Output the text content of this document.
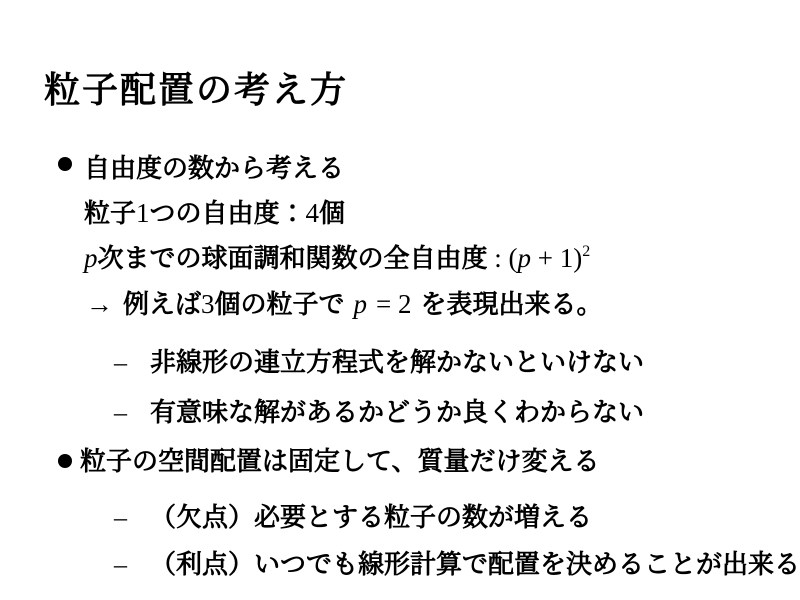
粒子配置の考え方
自由度の数から考える
粒子1つの自由度：4個
p次までの球面調和関数の全自由度 : $(p + 1)^2$
→ 例えば3個の粒子で p = 2 を表現出来る。
– 非線形の連立方程式を解かないといけない
– 有意味な解があるかどうか良くわからない
粒子の空間配置は固定して、質量だけ変える
– （欠点）必要とする粒子の数が増える
– （利点）いつでも線形計算で配置を決めることが出来る
